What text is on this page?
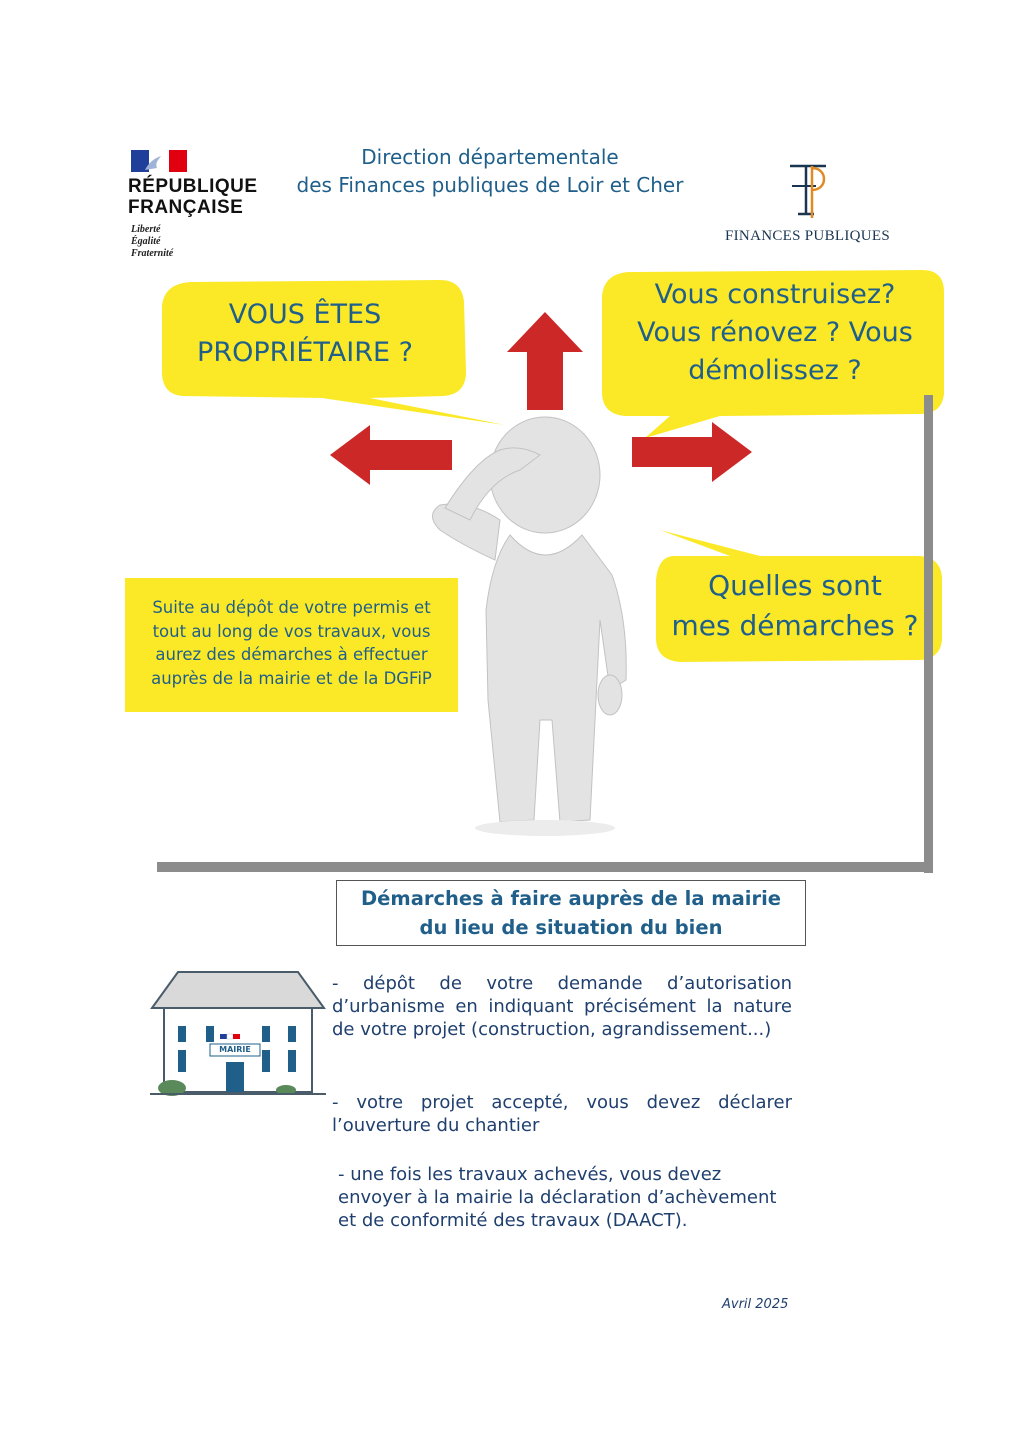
RÉPUBLIQUE
FRANÇAISE
Liberté
Égalité
Fraternité
Direction départementale
des Finances publiques de Loir et Cher
FINANCES PUBLIQUES
VOUS ÊTES
PROPRIÉTAIRE ?
Vous construisez?
Vous rénovez ? Vous
démolissez ?
Quelles sont
mes démarches ?
Suite au dépôt de votre permis et
tout au long de vos travaux, vous
aurez des démarches à effectuer
auprès de la mairie et de la DGFiP
Démarches à faire auprès de la mairie
du lieu de situation du bien
MAIRIE
- dépôt de votre demande d’autorisation d’urbanisme en indiquant précisément la nature de votre projet (construction, agrandissement...)
- votre projet accepté, vous devez déclarer l’ouverture du chantier
- une fois les travaux achevés, vous devez envoyer à la mairie la déclaration d’achèvement et de conformité des travaux (DAACT).
Avril 2025
